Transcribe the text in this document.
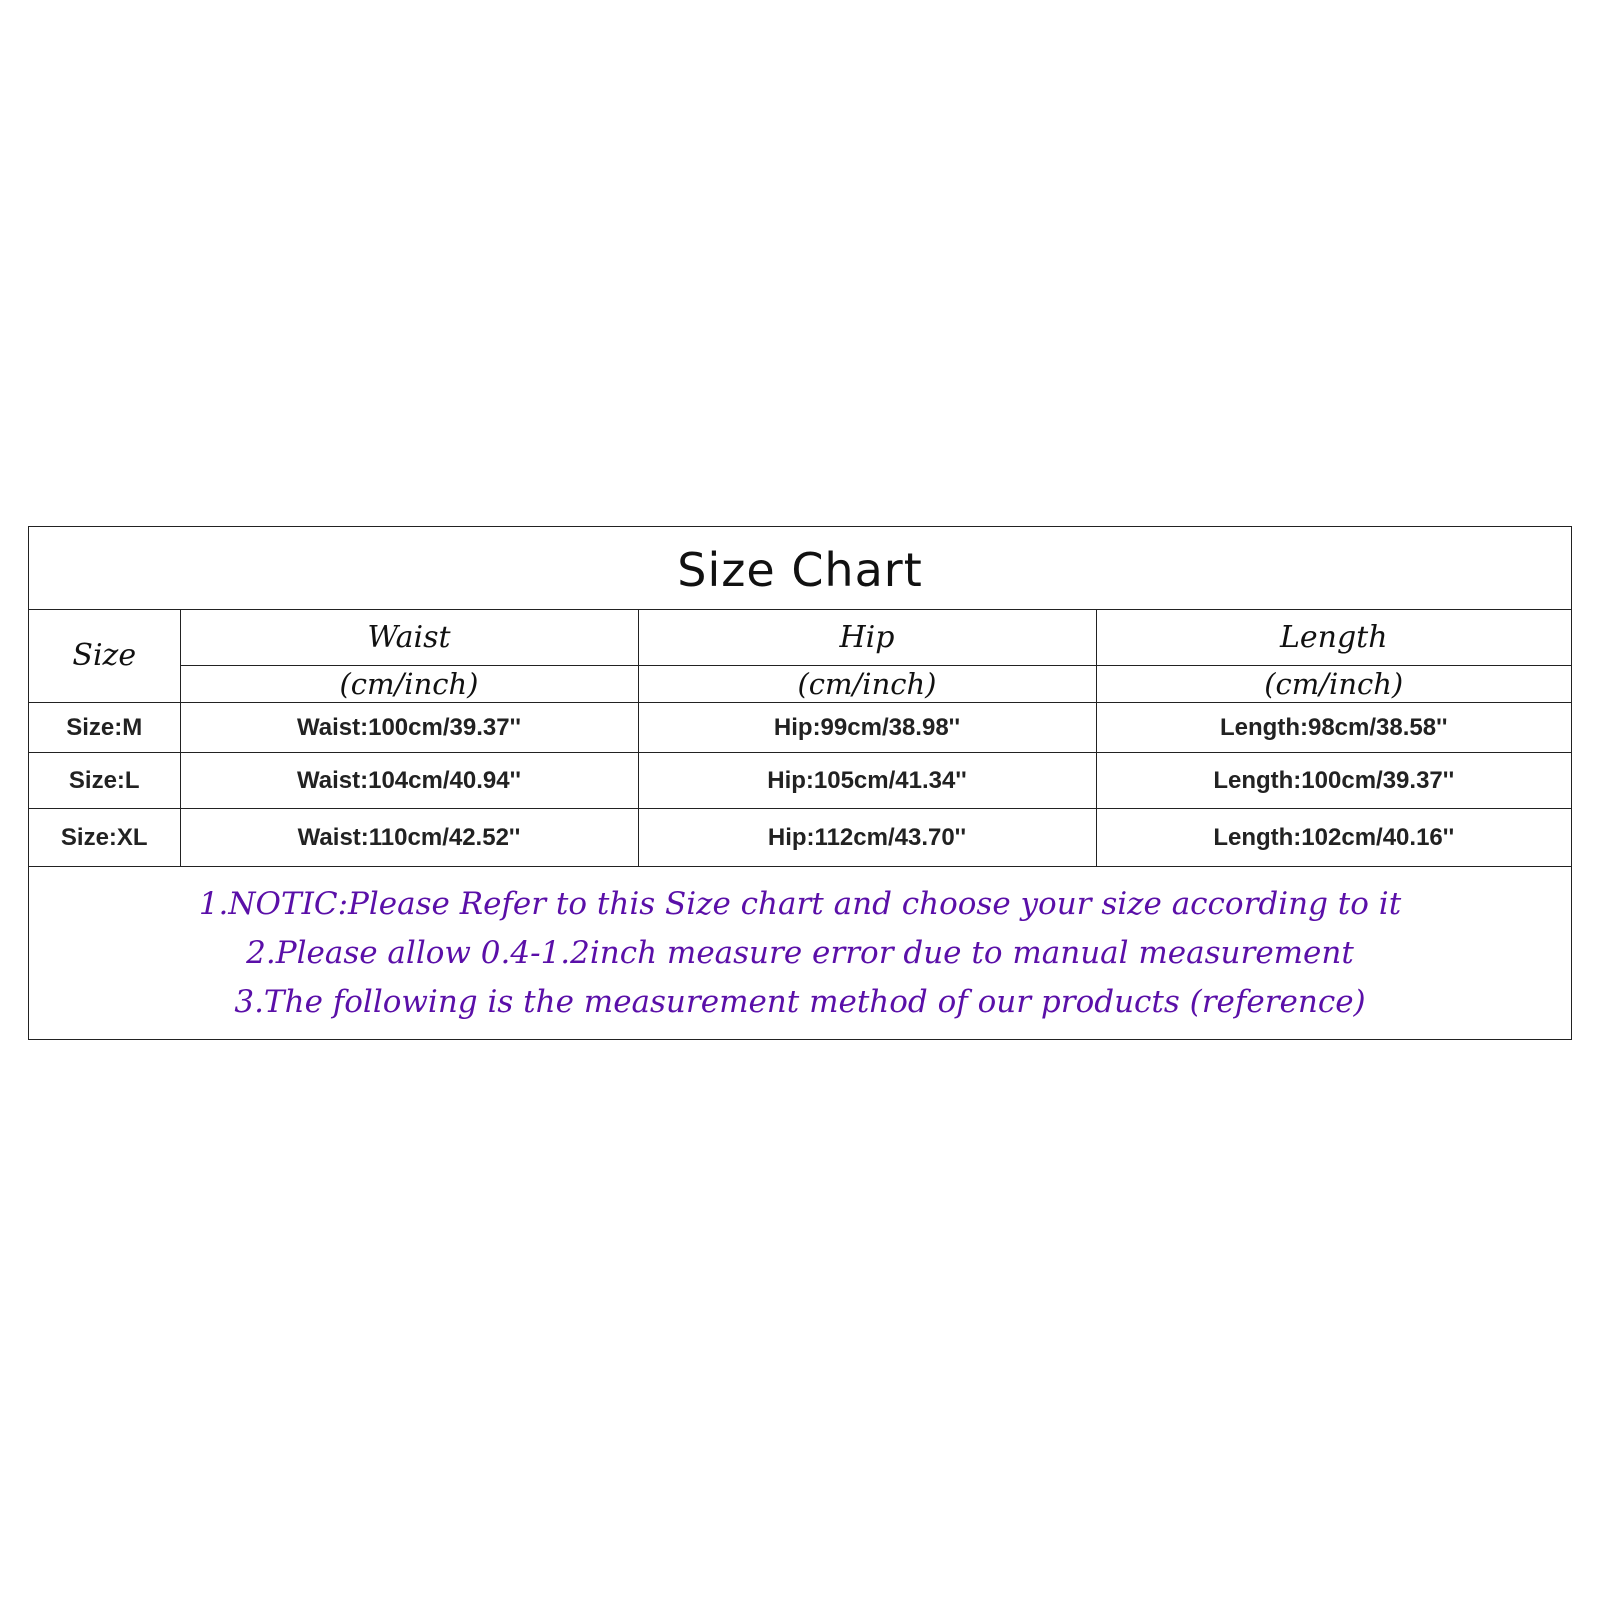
Size Chart
Size	Waist	Hip	Length
	(cm/inch)	(cm/inch)	(cm/inch)
Size:M	Waist:100cm/39.37''	Hip:99cm/38.98''	Length:98cm/38.58''
Size:L	Waist:104cm/40.94''	Hip:105cm/41.34''	Length:100cm/39.37''
Size:XL	Waist:110cm/42.52''	Hip:112cm/43.70''	Length:102cm/40.16''
1.NOTIC:Please Refer to this Size chart and choose your size according to it
2.Please allow 0.4-1.2inch measure error due to manual measurement
3.The following is the measurement method of our products (reference)
